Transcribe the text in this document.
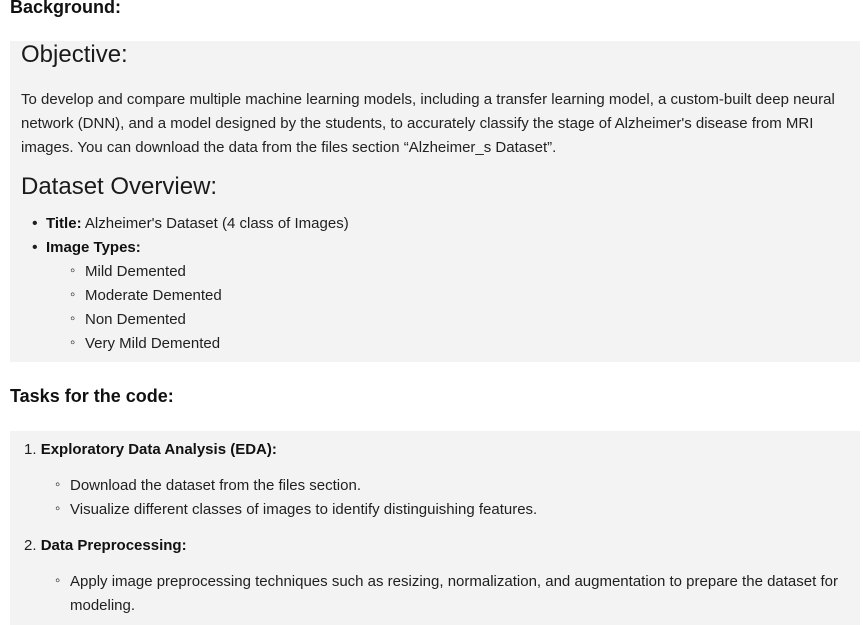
Background:
Objective:
To develop and compare multiple machine learning models, including a transfer learning model, a custom-built deep neural network (DNN), and a model designed by the students, to accurately classify the stage of Alzheimer's disease from MRI images. You can download the data from the files section “Alzheimer_s Dataset”.
Dataset Overview:
• Title: Alzheimer's Dataset (4 class of Images)
• Image Types:
◦ Mild Demented
◦ Moderate Demented
◦ Non Demented
◦ Very Mild Demented
Tasks for the code:
1. Exploratory Data Analysis (EDA):
◦ Download the dataset from the files section.
◦ Visualize different classes of images to identify distinguishing features.
2. Data Preprocessing:
◦ Apply image preprocessing techniques such as resizing, normalization, and augmentation to prepare the dataset for modeling.
